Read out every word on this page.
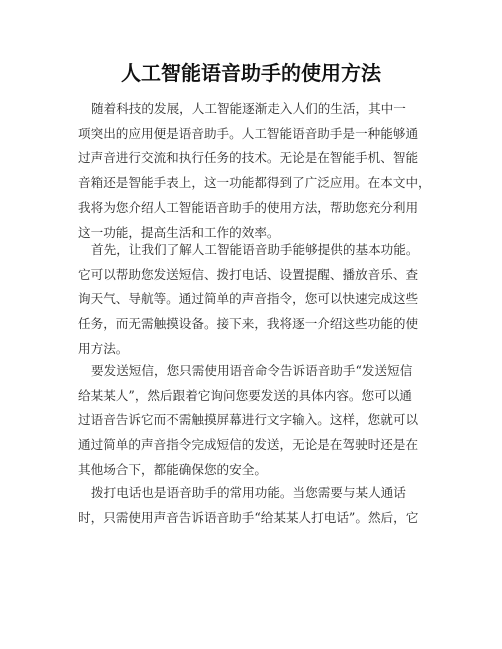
人工智能语音助手的使用方法
随着科技的发展，人工智能逐渐走入人们的生活，其中一
项突出的应用便是语音助手。人工智能语音助手是一种能够通
过声音进行交流和执行任务的技术。无论是在智能手机、智能
音箱还是智能手表上，这一功能都得到了广泛应用。在本文中，
我将为您介绍人工智能语音助手的使用方法，帮助您充分利用
这一功能，提高生活和工作的效率。
首先，让我们了解人工智能语音助手能够提供的基本功能。
它可以帮助您发送短信、拨打电话、设置提醒、播放音乐、查
询天气、导航等。通过简单的声音指令，您可以快速完成这些
任务，而无需触摸设备。接下来，我将逐一介绍这些功能的使
用方法。
要发送短信，您只需使用语音命令告诉语音助手“发送短信
给某某人”，然后跟着它询问您要发送的具体内容。您可以通
过语音告诉它而不需触摸屏幕进行文字输入。这样，您就可以
通过简单的声音指令完成短信的发送，无论是在驾驶时还是在
其他场合下，都能确保您的安全。
拨打电话也是语音助手的常用功能。当您需要与某人通话
时，只需使用声音告诉语音助手“给某某人打电话”。然后，它
